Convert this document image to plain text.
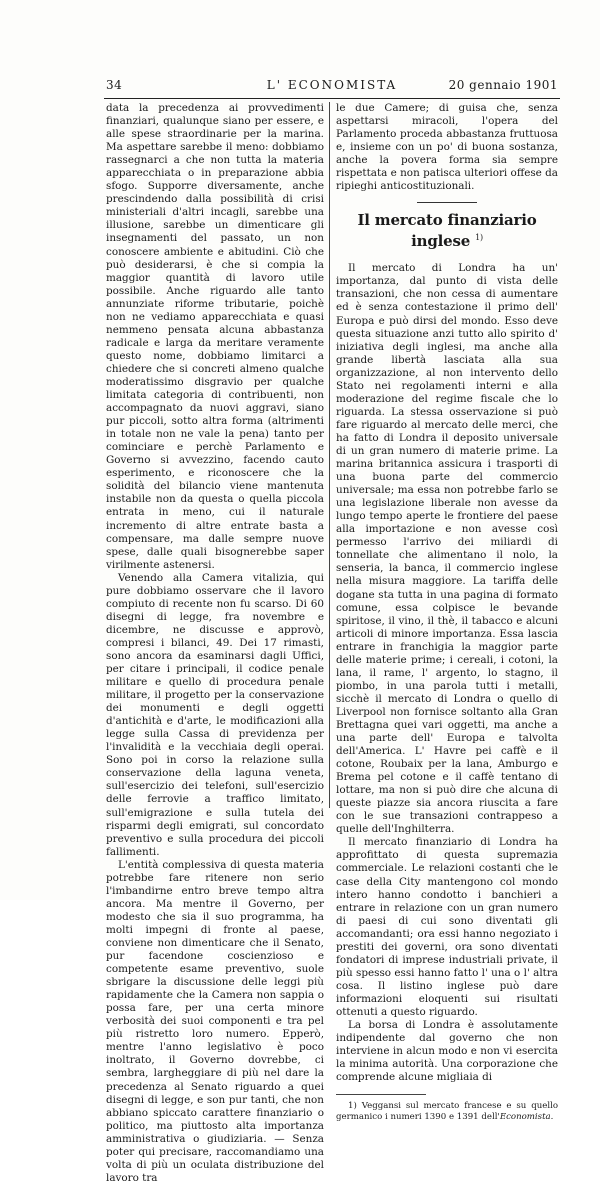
34	L' ECONOMISTA	20 gennaio 1901

data la precedenza ai provvedimenti finanziari, qualunque siano per essere, e alle spese straordinarie per la marina. Ma aspettare sarebbe il meno: dobbiamo rassegnarci a che non tutta la materia apparecchiata o in preparazione abbia sfogo. Supporre diversamente, anche prescindendo dalla possibilità di crisi ministeriali d'altri incagli, sarebbe una illusione, sarebbe un dimenticare gli insegnamenti del passato, un non conoscere ambiente e abitudini. Ciò che può desiderarsi, è che si compia la maggior quantità di lavoro utile possibile. Anche riguardo alle tanto annunziate riforme tributarie, poichè non ne vediamo apparecchiata e quasi nemmeno pensata alcuna abbastanza radicale e larga da meritare veramente questo nome, dobbiamo limitarci a chiedere che si concreti almeno qualche moderatissimo disgravio per qualche limitata categoria di contribuenti, non accompagnato da nuovi aggravi, siano pur piccoli, sotto altra forma (altrimenti in totale non ne vale la pena) tanto per cominciare e perchè Parlamento e Governo si avvezzino, facendo cauto esperimento, e riconoscere che la solidità del bilancio viene mantenuta instabile non da questa o quella piccola entrata in meno, cui il naturale incremento di altre entrate basta a compensare, ma dalle sempre nuove spese, dalle quali bisognerebbe saper virilmente astenersi.

Venendo alla Camera vitalizia, qui pure dobbiamo osservare che il lavoro compiuto di recente non fu scarso. Di 60 disegni di legge, fra novembre e dicembre, ne discusse e approvò, compresi i bilanci, 49. Dei 17 rimasti, sono ancora da esaminarsi dagli Uffici, per citare i principali, il codice penale militare e quello di procedura penale militare, il progetto per la conservazione dei monumenti e degli oggetti d'antichità e d'arte, le modificazioni alla legge sulla Cassa di previdenza per l'invalidità e la vecchiaia degli operai. Sono poi in corso la relazione sulla conservazione della laguna veneta, sull'esercizio dei telefoni, sull'esercizio delle ferrovie a traffico limitato, sull'emigrazione e sulla tutela dei risparmi degli emigrati, sul concordato preventivo e sulla procedura dei piccoli fallimenti.

L'entità complessiva di questa materia potrebbe fare ritenere non serio l'imbandirne entro breve tempo altra ancora. Ma mentre il Governo, per modesto che sia il suo programma, ha molti impegni di fronte al paese, conviene non dimenticare che il Senato, pur facendone coscienzioso e competente esame preventivo, suole sbrigare la discussione delle leggi più rapidamente che la Camera non sappia o possa fare, per una certa minore verbosità dei suoi componenti e tra pel più ristretto loro numero. Epperò, mentre l'anno legislativo è poco inoltrato, il Governo dovrebbe, ci sembra, largheggiare di più nel dare la precedenza al Senato riguardo a quei disegni di legge, e son pur tanti, che non abbiano spiccato carattere finanziario o politico, ma piuttosto alta importanza amministrativa o giudiziaria. — Senza poter qui precisare, raccomandiamo una volta di più un oculata distribuzione del lavoro tra

le due Camere; di guisa che, senza aspettarsi miracoli, l'opera del Parlamento proceda abbastanza fruttuosa e, insieme con un po' di buona sostanza, anche la povera forma sia sempre rispettata e non patisca ulteriori offese da ripieghi anticostituzionali.

Il mercato finanziario inglese $^{1)}$

Il mercato di Londra ha un' importanza, dal punto di vista delle transazioni, che non cessa di aumentare ed è senza contestazione il primo dell' Europa e può dirsi del mondo. Esso deve questa situazione anzi tutto allo spirito d' iniziativa degli inglesi, ma anche alla grande libertà lasciata alla sua organizzazione, al non intervento dello Stato nei regolamenti interni e alla moderazione del regime fiscale che lo riguarda. La stessa osservazione si può fare riguardo al mercato delle merci, che ha fatto di Londra il deposito universale di un gran numero di materie prime. La marina britannica assicura i trasporti di una buona parte del commercio universale; ma essa non potrebbe farlo se una legislazione liberale non avesse da lungo tempo aperte le frontiere del paese alla importazione e non avesse così permesso l'arrivo dei miliardi di tonnellate che alimentano il nolo, la senseria, la banca, il commercio inglese nella misura maggiore. La tariffa delle dogane sta tutta in una pagina di formato comune, essa colpisce le bevande spiritose, il vino, il thè, il tabacco e alcuni articoli di minore importanza. Essa lascia entrare in franchigia la maggior parte delle materie prime; i cereali, i cotoni, la lana, il rame, l' argento, lo stagno, il piombo, in una parola tutti i metalli, sicchè il mercato di Londra o quello di Liverpool non fornisce soltanto alla Gran Brettagna quei vari oggetti, ma anche a una parte dell' Europa e talvolta dell'America. L' Havre pei caffè e il cotone, Roubaix per la lana, Amburgo e Brema pel cotone e il caffè tentano di lottare, ma non si può dire che alcuna di queste piazze sia ancora riuscita a fare con le sue transazioni contrappeso a quelle dell'Inghilterra.

Il mercato finanziario di Londra ha approfittato di questa supremazia commerciale. Le relazioni costanti che le case della City mantengono col mondo intero hanno condotto i banchieri a entrare in relazione con un gran numero di paesi di cui sono diventati gli accomandanti; ora essi hanno negoziato i prestiti dei governi, ora sono diventati fondatori di imprese industriali private, il più spesso essi hanno fatto l' una o l' altra cosa. Il listino inglese può dare informazioni eloquenti sui risultati ottenuti a questo riguardo.

La borsa di Londra è assolutamente indipendente dal governo che non interviene in alcun modo e non vi esercita la minima autorità. Una corporazione che comprende alcune migliaia di

1) Veggansi sul mercato francese e su quello germanico i numeri 1390 e 1391 dell'Economista.
